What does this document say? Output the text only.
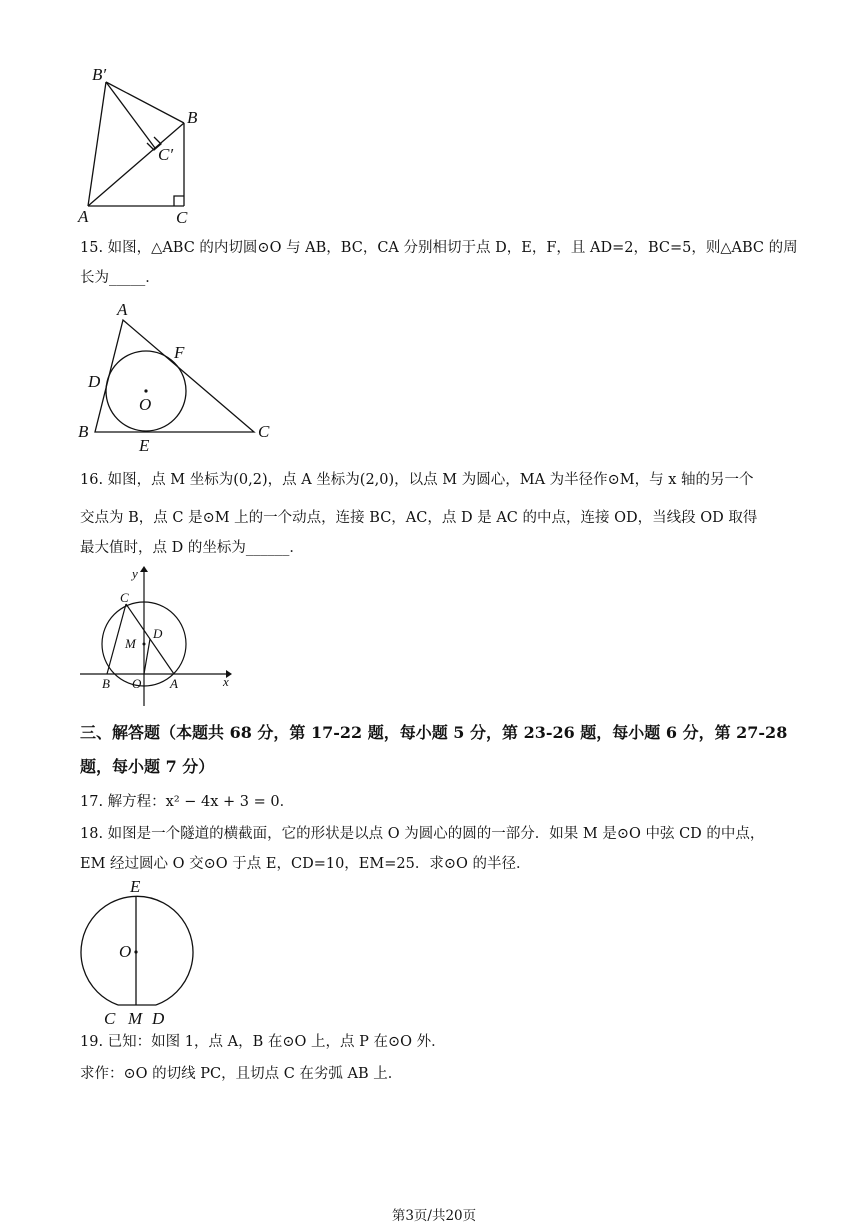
B′
B
C′
A	C
15. 如图，△ABC 的内切圆⊙O 与 AB，BC，CA 分别相切于点 D，E，F，且 AD=2，BC=5，则△ABC 的周
长为_____．
A
F
D
O
B
E
C
16. 如图，点 M 坐标为(0,2)，点 A 坐标为(2,0)，以点 M 为圆心，MA 为半径作⊙M，与 x 轴的另一个
交点为 B，点 C 是⊙M 上的一个动点，连接 BC，AC，点 D 是 AC 的中点，连接 OD，当线段 OD 取得
最大值时，点 D 的坐标为______．
y
C
D
M
B O A	x
三、解答题（本题共 68 分，第 17-22 题，每小题 5 分，第 23-26 题，每小题 6 分，第 27-28
题，每小题 7 分）
17. 解方程：x² − 4x + 3 = 0．
18. 如图是一个隧道的横截面，它的形状是以点 O 为圆心的圆的一部分．如果 M 是⊙O 中弦 CD 的中点，
EM 经过圆心 O 交⊙O 于点 E，CD=10，EM=25．求⊙O 的半径．
E
O
C M D
19. 已知：如图 1，点 A，B 在⊙O 上，点 P 在⊙O 外．
求作：⊙O 的切线 PC，且切点 C 在劣弧 AB 上．
第3页/共20页
